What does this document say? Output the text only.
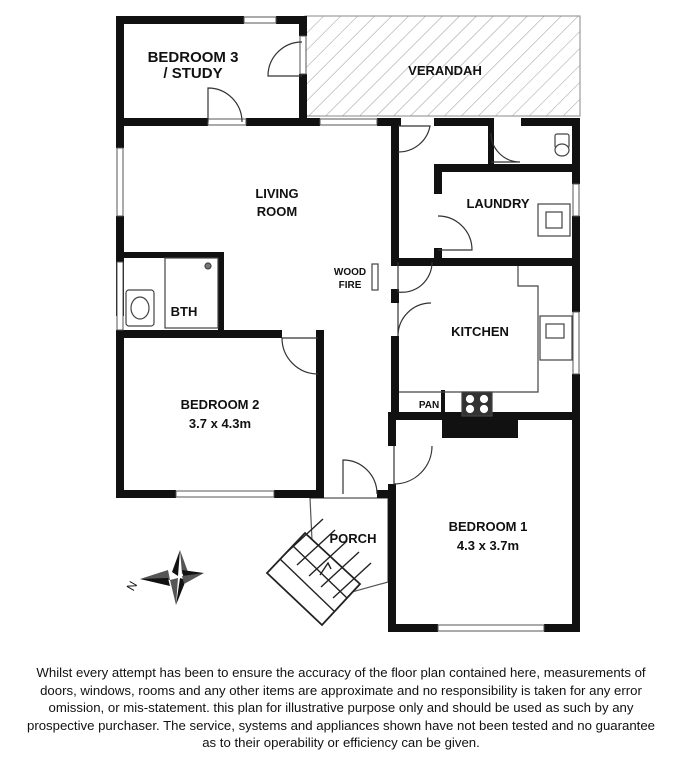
N
BEDROOM 3
/ STUDY	VERANDAH
LIVING
ROOM
LAUNDRY
WOOD
FIRE
BTH
KITCHEN
PAN
BEDROOM 2
3.7 x 4.3m
PORCH
BEDROOM 1
4.3 x 3.7m

Whilst every attempt has been to ensure the accuracy of the floor plan contained here, measurements of doors, windows, rooms and any other items are approximate and no responsibility is taken for any error omission, or mis-statement. this plan for illustrative purpose only and should be used as such by any prospective purchaser. The service, systems and appliances shown have not been tested and no guarantee as to their operability or efficiency can be given.
